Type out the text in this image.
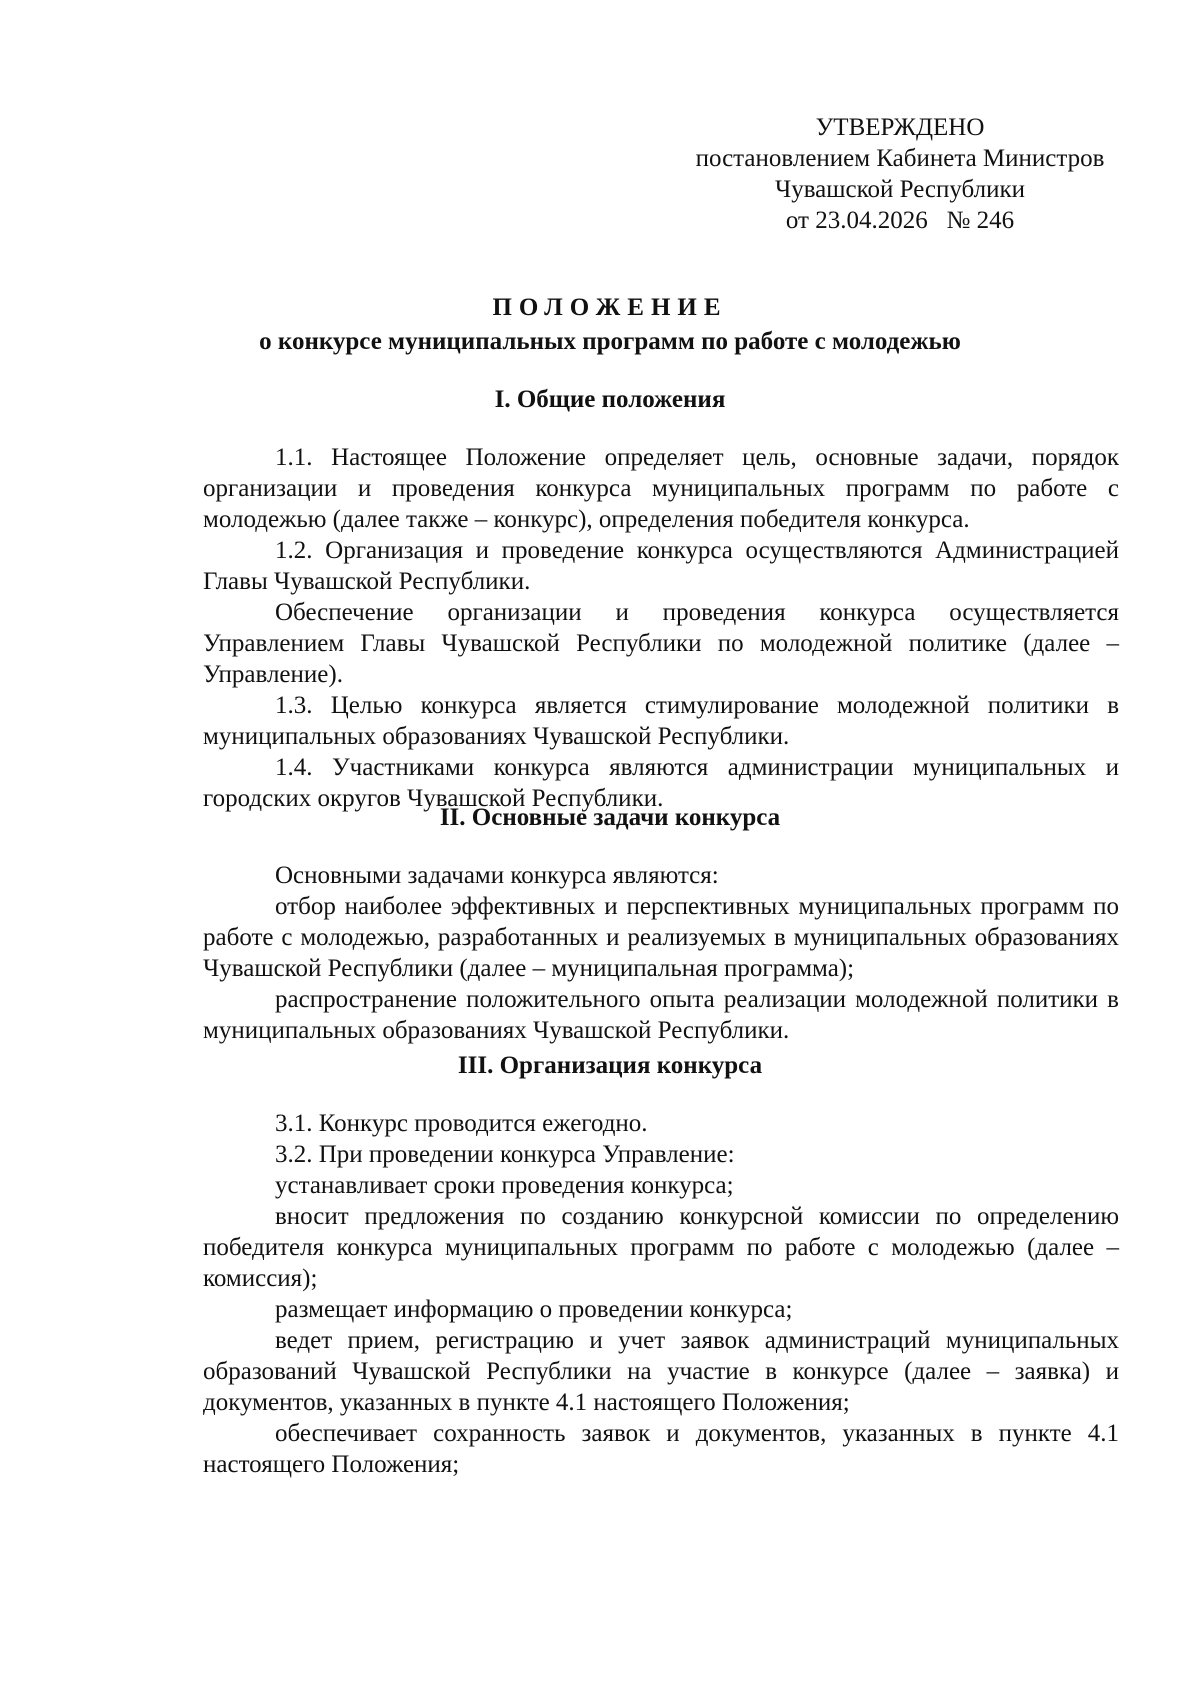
УТВЕРЖДЕНО
постановлением Кабинета Министров
Чувашской Республики
от 23.04.2026   № 246
ПОЛОЖЕНИЕ
о конкурсе муниципальных программ по работе с молодежью
I. Общие положения

1.1. Настоящее Положение определяет цель, основные задачи, порядок организации и проведения конкурса муниципальных программ по работе с молодежью (далее также – конкурс), определения победителя конкурса.

1.2. Организация и проведение конкурса осуществляются Администрацией Главы Чувашской Республики.

Обеспечение организации и проведения конкурса осуществляется Управлением Главы Чувашской Республики по молодежной политике (далее – Управление).

1.3. Целью конкурса является стимулирование молодежной политики в муниципальных образованиях Чувашской Республики.

1.4. Участниками конкурса являются администрации муниципальных и городских округов Чувашской Республики.

II. Основные задачи конкурса

Основными задачами конкурса являются:

отбор наиболее эффективных и перспективных муниципальных программ по работе с молодежью, разработанных и реализуемых в муниципальных образованиях Чувашской Республики (далее – муниципальная программа);

распространение положительного опыта реализации молодежной политики в муниципальных образованиях Чувашской Республики.

III. Организация конкурса

3.1. Конкурс проводится ежегодно.

3.2. При проведении конкурса Управление:

устанавливает сроки проведения конкурса;

вносит предложения по созданию конкурсной комиссии по определению победителя конкурса муниципальных программ по работе с молодежью (далее – комиссия);

размещает информацию о проведении конкурса;

ведет прием, регистрацию и учет заявок администраций муниципальных образований Чувашской Республики на участие в конкурсе (далее – заявка) и документов, указанных в пункте 4.1 настоящего Положения;

обеспечивает сохранность заявок и документов, указанных в пункте 4.1 настоящего Положения;
